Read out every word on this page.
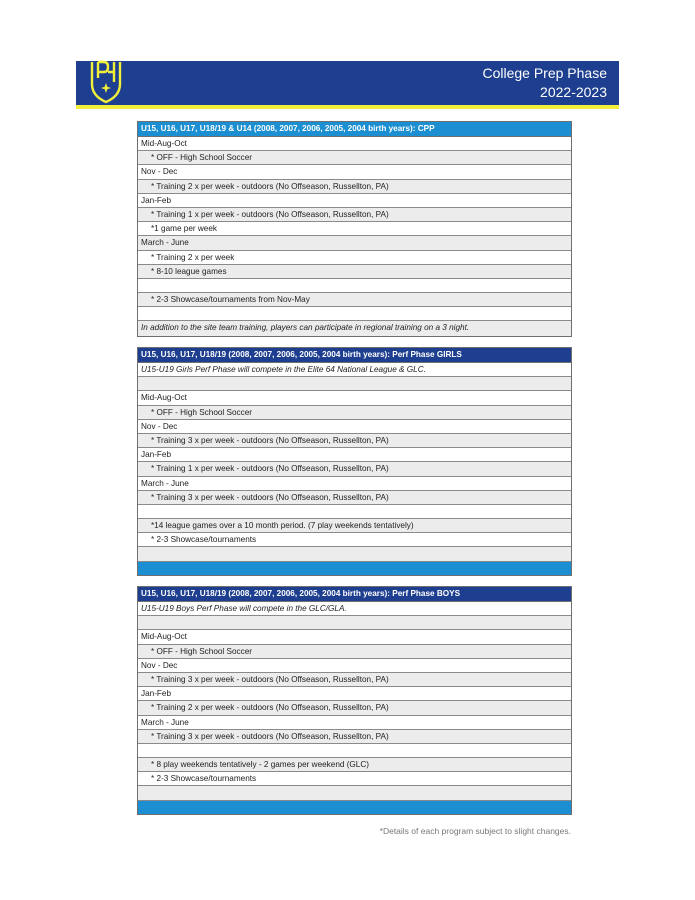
College Prep Phase
2022-2023
U15, U16, U17, U18/19 & U14 (2008, 2007, 2006, 2005, 2004 birth years): CPP
Mid-Aug-Oct
* OFF - High School Soccer
Nov - Dec
* Training 2 x per week - outdoors (No Offseason, Russellton, PA)
Jan-Feb
* Training 1 x per week - outdoors (No Offseason, Russellton, PA)
*1 game per week
March - June
* Training 2 x per week
* 8-10 league games
* 2-3 Showcase/tournaments from Nov-May
In addition to the site team training, players can participate in regional training on a 3 night.
U15, U16, U17, U18/19 (2008, 2007, 2006, 2005, 2004 birth years): Perf Phase GIRLS
U15-U19 Girls Perf Phase will compete in the Elite 64 National League & GLC.
Mid-Aug-Oct
* OFF - High School Soccer
Nov - Dec
* Training 3 x per week - outdoors (No Offseason, Russellton, PA)
Jan-Feb
* Training 1 x per week - outdoors (No Offseason, Russellton, PA)
March - June
* Training 3 x per week - outdoors (No Offseason, Russellton, PA)
*14 league games over a 10 month period. (7 play weekends tentatively)
* 2-3 Showcase/tournaments
U15, U16, U17, U18/19 (2008, 2007, 2006, 2005, 2004 birth years): Perf Phase BOYS
U15-U19 Boys Perf Phase will compete in the GLC/GLA.
Mid-Aug-Oct
* OFF - High School Soccer
Nov - Dec
* Training 3 x per week - outdoors (No Offseason, Russellton, PA)
Jan-Feb
* Training 2 x per week - outdoors (No Offseason, Russellton, PA)
March - June
* Training 3 x per week - outdoors (No Offseason, Russellton, PA)
* 8 play weekends tentatively - 2 games per weekend (GLC)
* 2-3 Showcase/tournaments
*Details of each program subject to slight changes.
